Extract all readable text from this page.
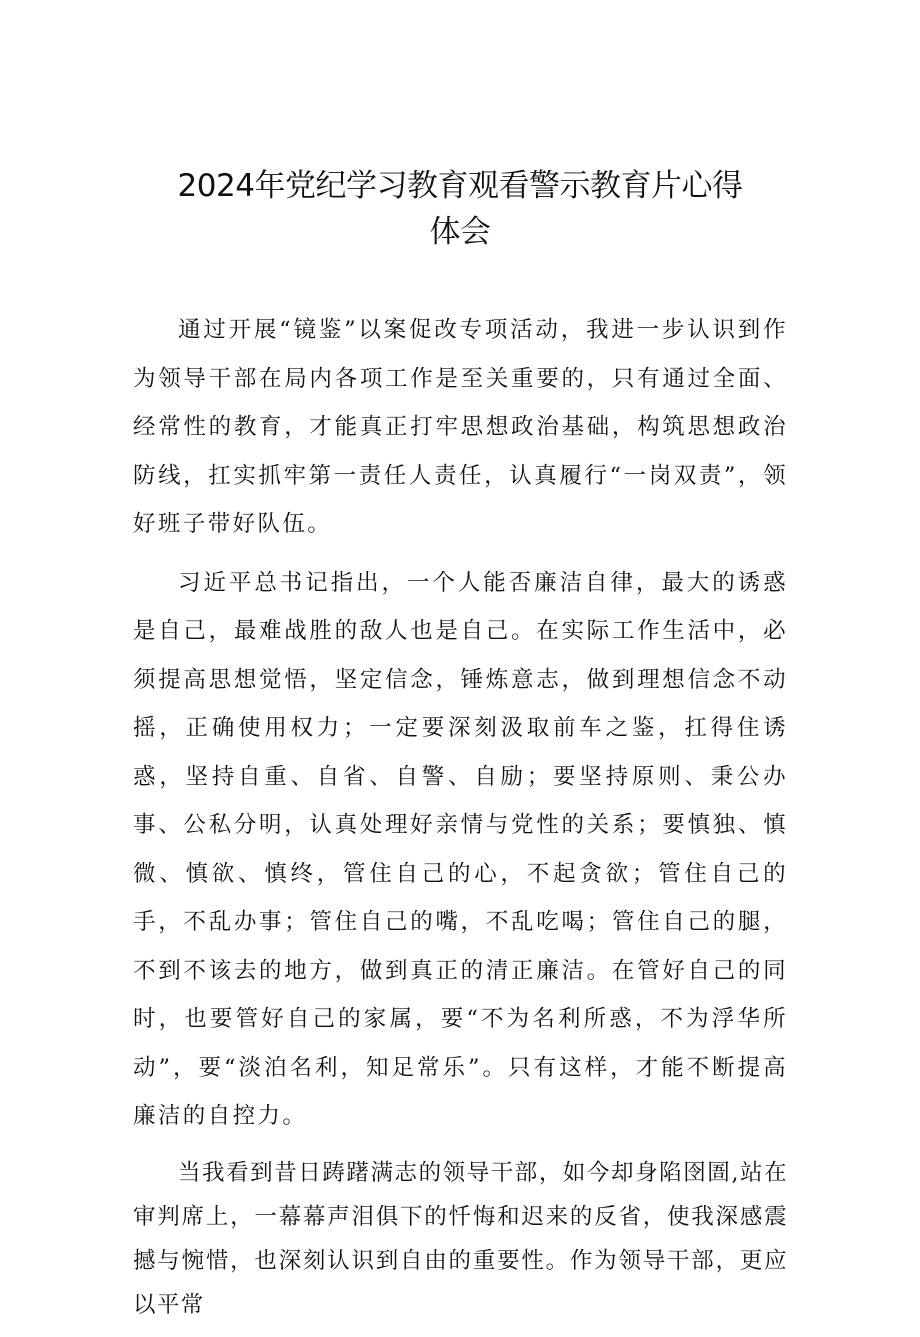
2024年党纪学习教育观看警示教育片心得
体会

通过开展“镜鉴”以案促改专项活动，我进一步认识到作为领导干部在局内各项工作是至关重要的，只有通过全面、经常性的教育，才能真正打牢思想政治基础，构筑思想政治防线，扛实抓牢第一责任人责任，认真履行“一岗双责”，领好班子带好队伍。

习近平总书记指出，一个人能否廉洁自律，最大的诱惑是自己，最难战胜的敌人也是自己。在实际工作生活中，必须提高思想觉悟，坚定信念，锤炼意志，做到理想信念不动摇，正确使用权力；一定要深刻汲取前车之鉴，扛得住诱惑，坚持自重、自省、自警、自励；要坚持原则、秉公办事、公私分明，认真处理好亲情与党性的关系；要慎独、慎微、慎欲、慎终，管住自己的心，不起贪欲；管住自己的手，不乱办事；管住自己的嘴，不乱吃喝；管住自己的腿，不到不该去的地方，做到真正的清正廉洁。在管好自己的同时，也要管好自己的家属，要“不为名利所惑，不为浮华所动”，要“淡泊名利，知足常乐”。只有这样，才能不断提高廉洁的自控力。

当我看到昔日踌躇满志的领导干部，如今却身陷囹圄,站在审判席上，一幕幕声泪俱下的忏悔和迟来的反省，使我深感震撼与惋惜，也深刻认识到自由的重要性。作为领导干部，更应以平常
